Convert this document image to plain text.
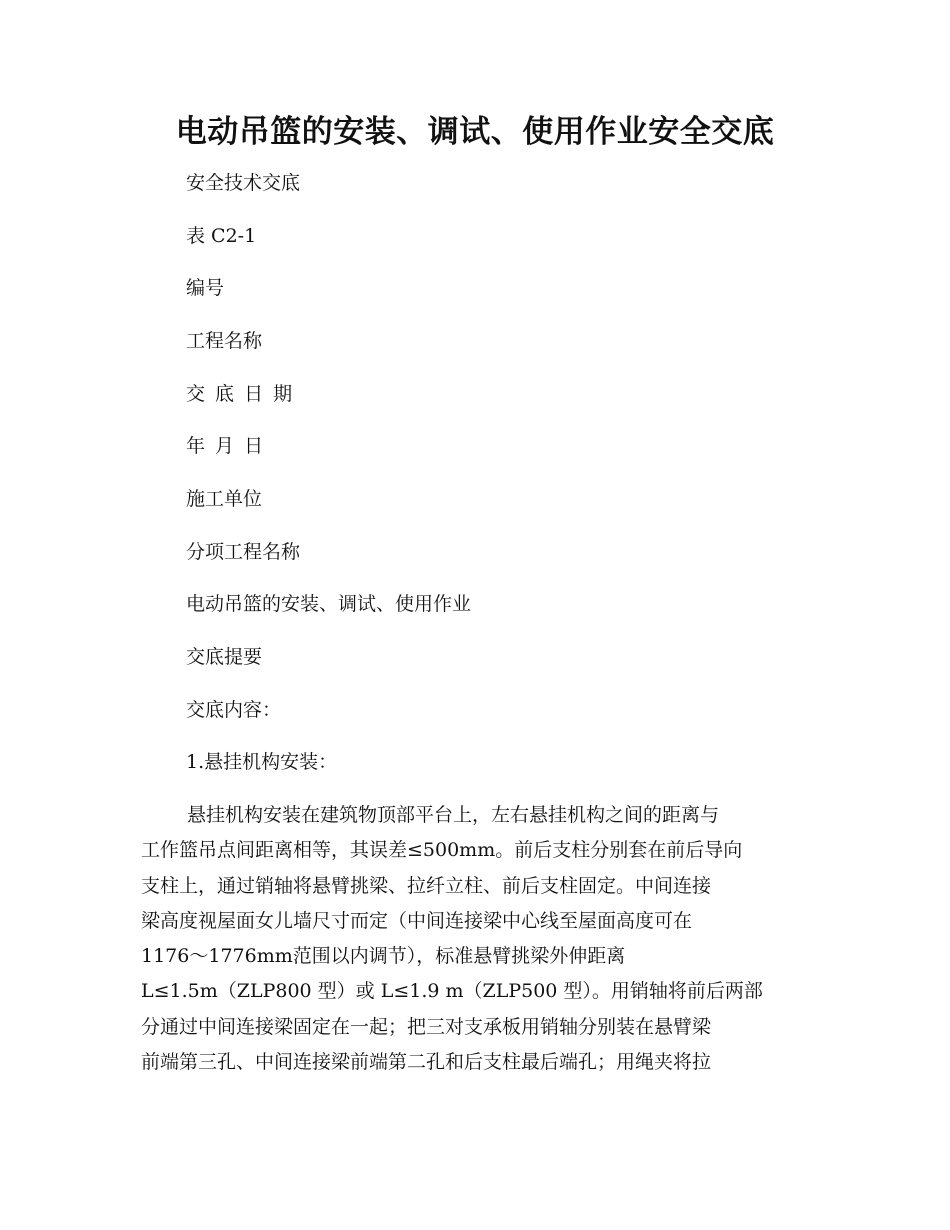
电动吊篮的安装、调试、使用作业安全交底

安全技术交底

表 C2-1

编号

工程名称

交 底 日 期

年 月 日

施工单位

分项工程名称

电动吊篮的安装、调试、使用作业

交底提要

交底内容：

1.悬挂机构安装：

悬挂机构安装在建筑物顶部平台上，左右悬挂机构之间的距离与
工作篮吊点间距离相等，其误差≤500mm。前后支柱分别套在前后导向
支柱上，通过销轴将悬臂挑梁、拉纤立柱、前后支柱固定。中间连接
梁高度视屋面女儿墙尺寸而定（中间连接梁中心线至屋面高度可在
1176～1776mm范围以内调节），标准悬臂挑梁外伸距离
L≤1.5m（ZLP800 型）或 L≤1.9 m（ZLP500 型）。用销轴将前后两部
分通过中间连接梁固定在一起；把三对支承板用销轴分别装在悬臂梁
前端第三孔、中间连接梁前端第二孔和后支柱最后端孔；用绳夹将拉
